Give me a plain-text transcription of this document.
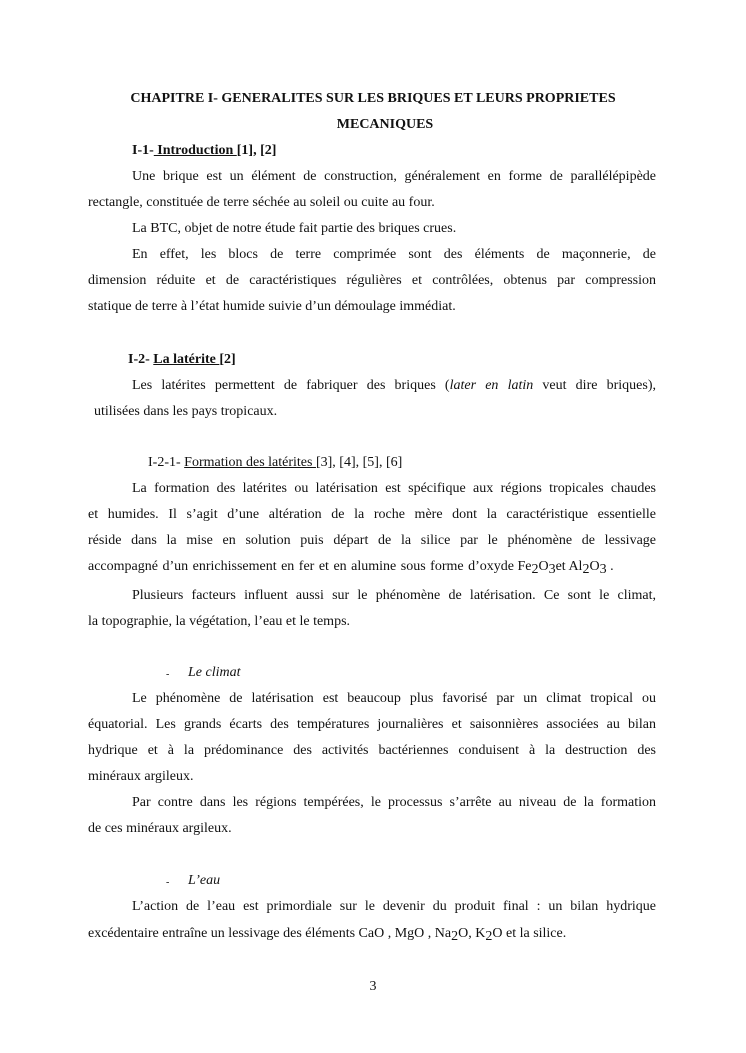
CHAPITRE I- GENERALITES SUR LES BRIQUES ET LEURS PROPRIETES
MECANIQUES
I-1- Introduction [1], [2]
Une brique est un élément de construction, généralement en forme de parallélépipède
rectangle, constituée de terre séchée au soleil ou cuite au four.
La BTC, objet de notre étude fait partie des briques crues.
En effet, les blocs de terre comprimée sont des éléments de maçonnerie, de
dimension réduite et de caractéristiques régulières et contrôlées, obtenus par compression
statique de terre à l’état humide suivie d’un démoulage immédiat.
I-2- La latérite [2]
Les latérites permettent de fabriquer des briques (later en latin veut dire briques),
utilisées dans les pays tropicaux.
I-2-1- Formation des latérites [3], [4], [5], [6]
La formation des latérites ou latérisation est spécifique aux régions tropicales chaudes
et humides. Il s’agit d’une altération de la roche mère dont la caractéristique essentielle
réside dans la mise en solution puis départ de la silice par le phénomène de lessivage
accompagné d’un enrichissement en fer et en alumine sous forme d’oxyde $Fe_2O_3et$ $Al_2O_3$ .
Plusieurs facteurs influent aussi sur le phénomène de latérisation. Ce sont le climat,
la topographie, la végétation, l’eau et le temps.
- Le climat
Le phénomène de latérisation est beaucoup plus favorisé par un climat tropical ou
équatorial. Les grands écarts des températures journalières et saisonnières associées au bilan
hydrique et à la prédominance des activités bactériennes conduisent à la destruction des
minéraux argileux.
Par contre dans les régions tempérées, le processus s’arrête au niveau de la formation
de ces minéraux argileux.
- L’eau
L’action de l’eau est primordiale sur le devenir du produit final : un bilan hydrique
excédentaire entraîne un lessivage des éléments CaO , MgO , $Na_2O$, $K_2O$ et la silice.
3
